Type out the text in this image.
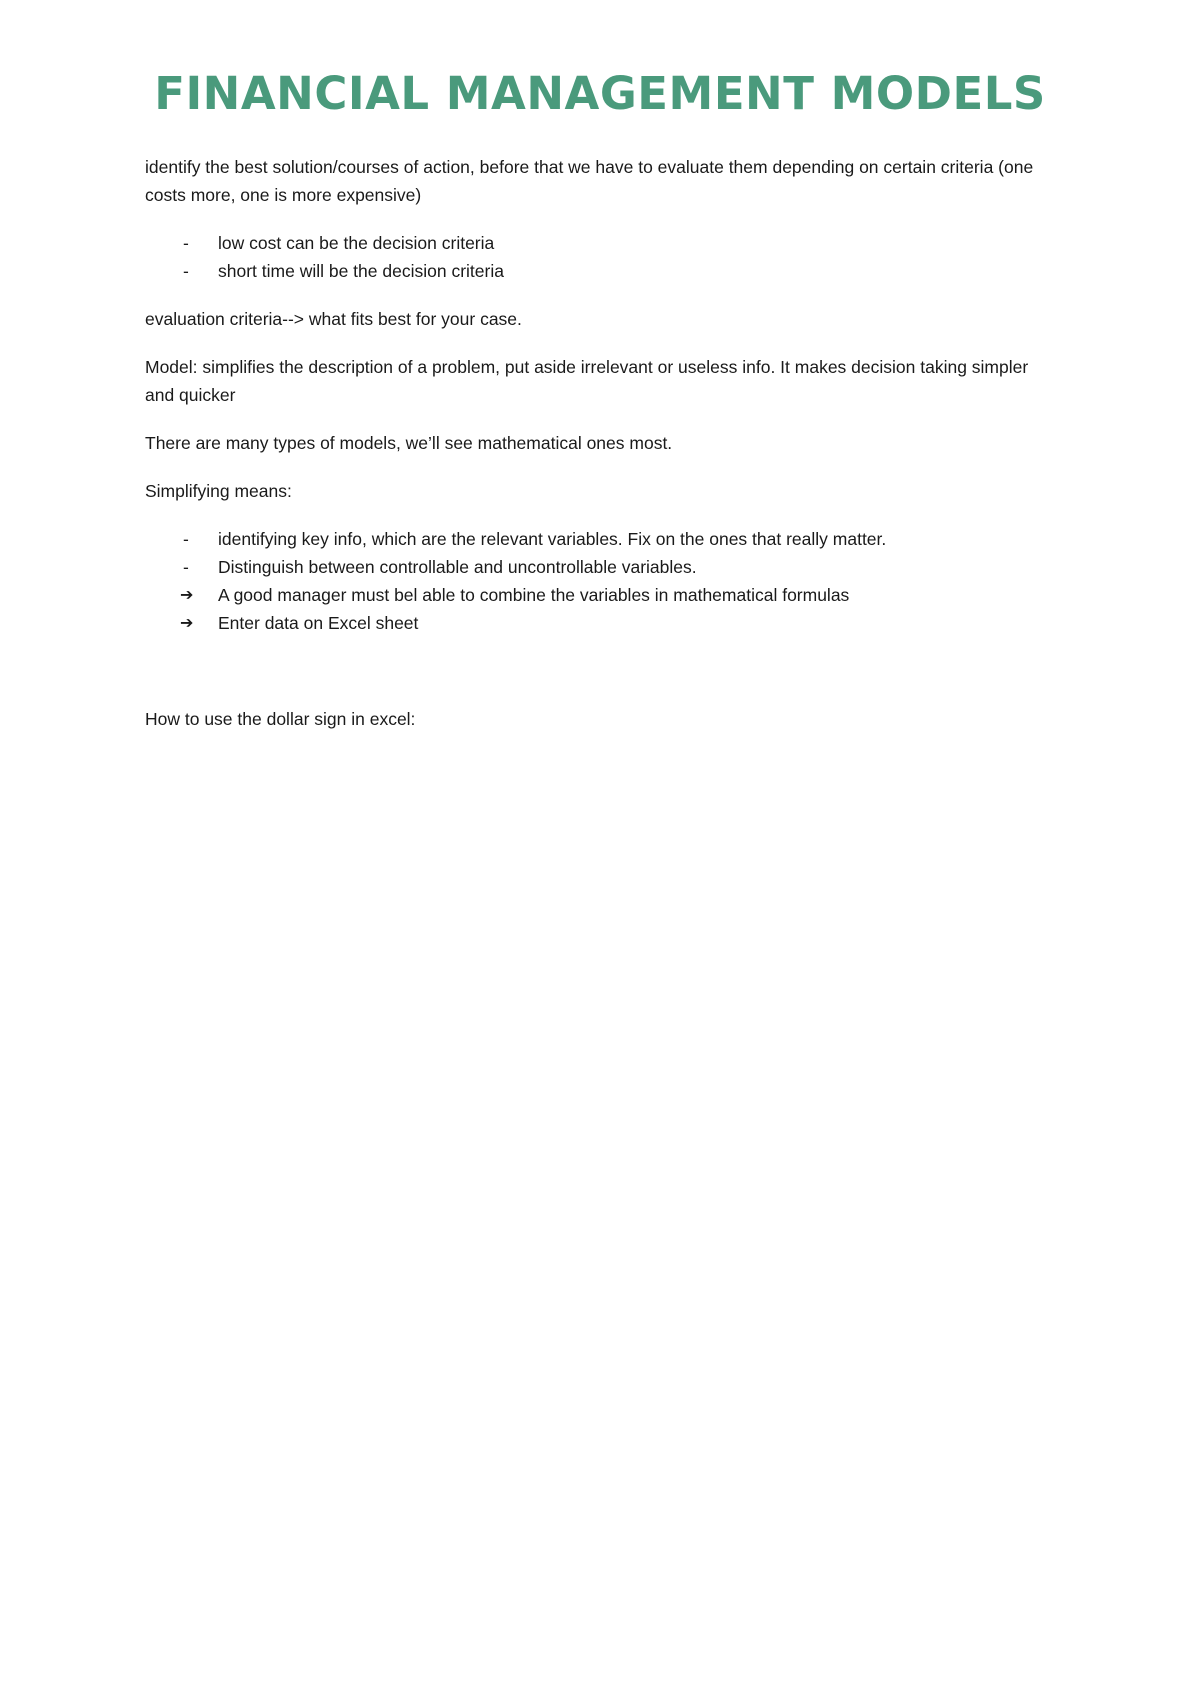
FINANCIAL MANAGEMENT MODELS

identify the best solution/courses of action, before that we have to evaluate them depending on certain criteria (one costs more, one is more expensive)

-	low cost can be the decision criteria
-	short time will be the decision criteria

evaluation criteria--> what fits best for your case.

Model: simplifies the description of a problem, put aside irrelevant or useless info. It makes decision taking simpler and quicker

There are many types of models, we’ll see mathematical ones most.

Simplifying means:

-	identifying key info, which are the relevant variables. Fix on the ones that really matter.
-	Distinguish between controllable and uncontrollable variables.
➔	A good manager must bel able to combine the variables in mathematical formulas
➔	Enter data on Excel sheet

How to use the dollar sign in excel:
